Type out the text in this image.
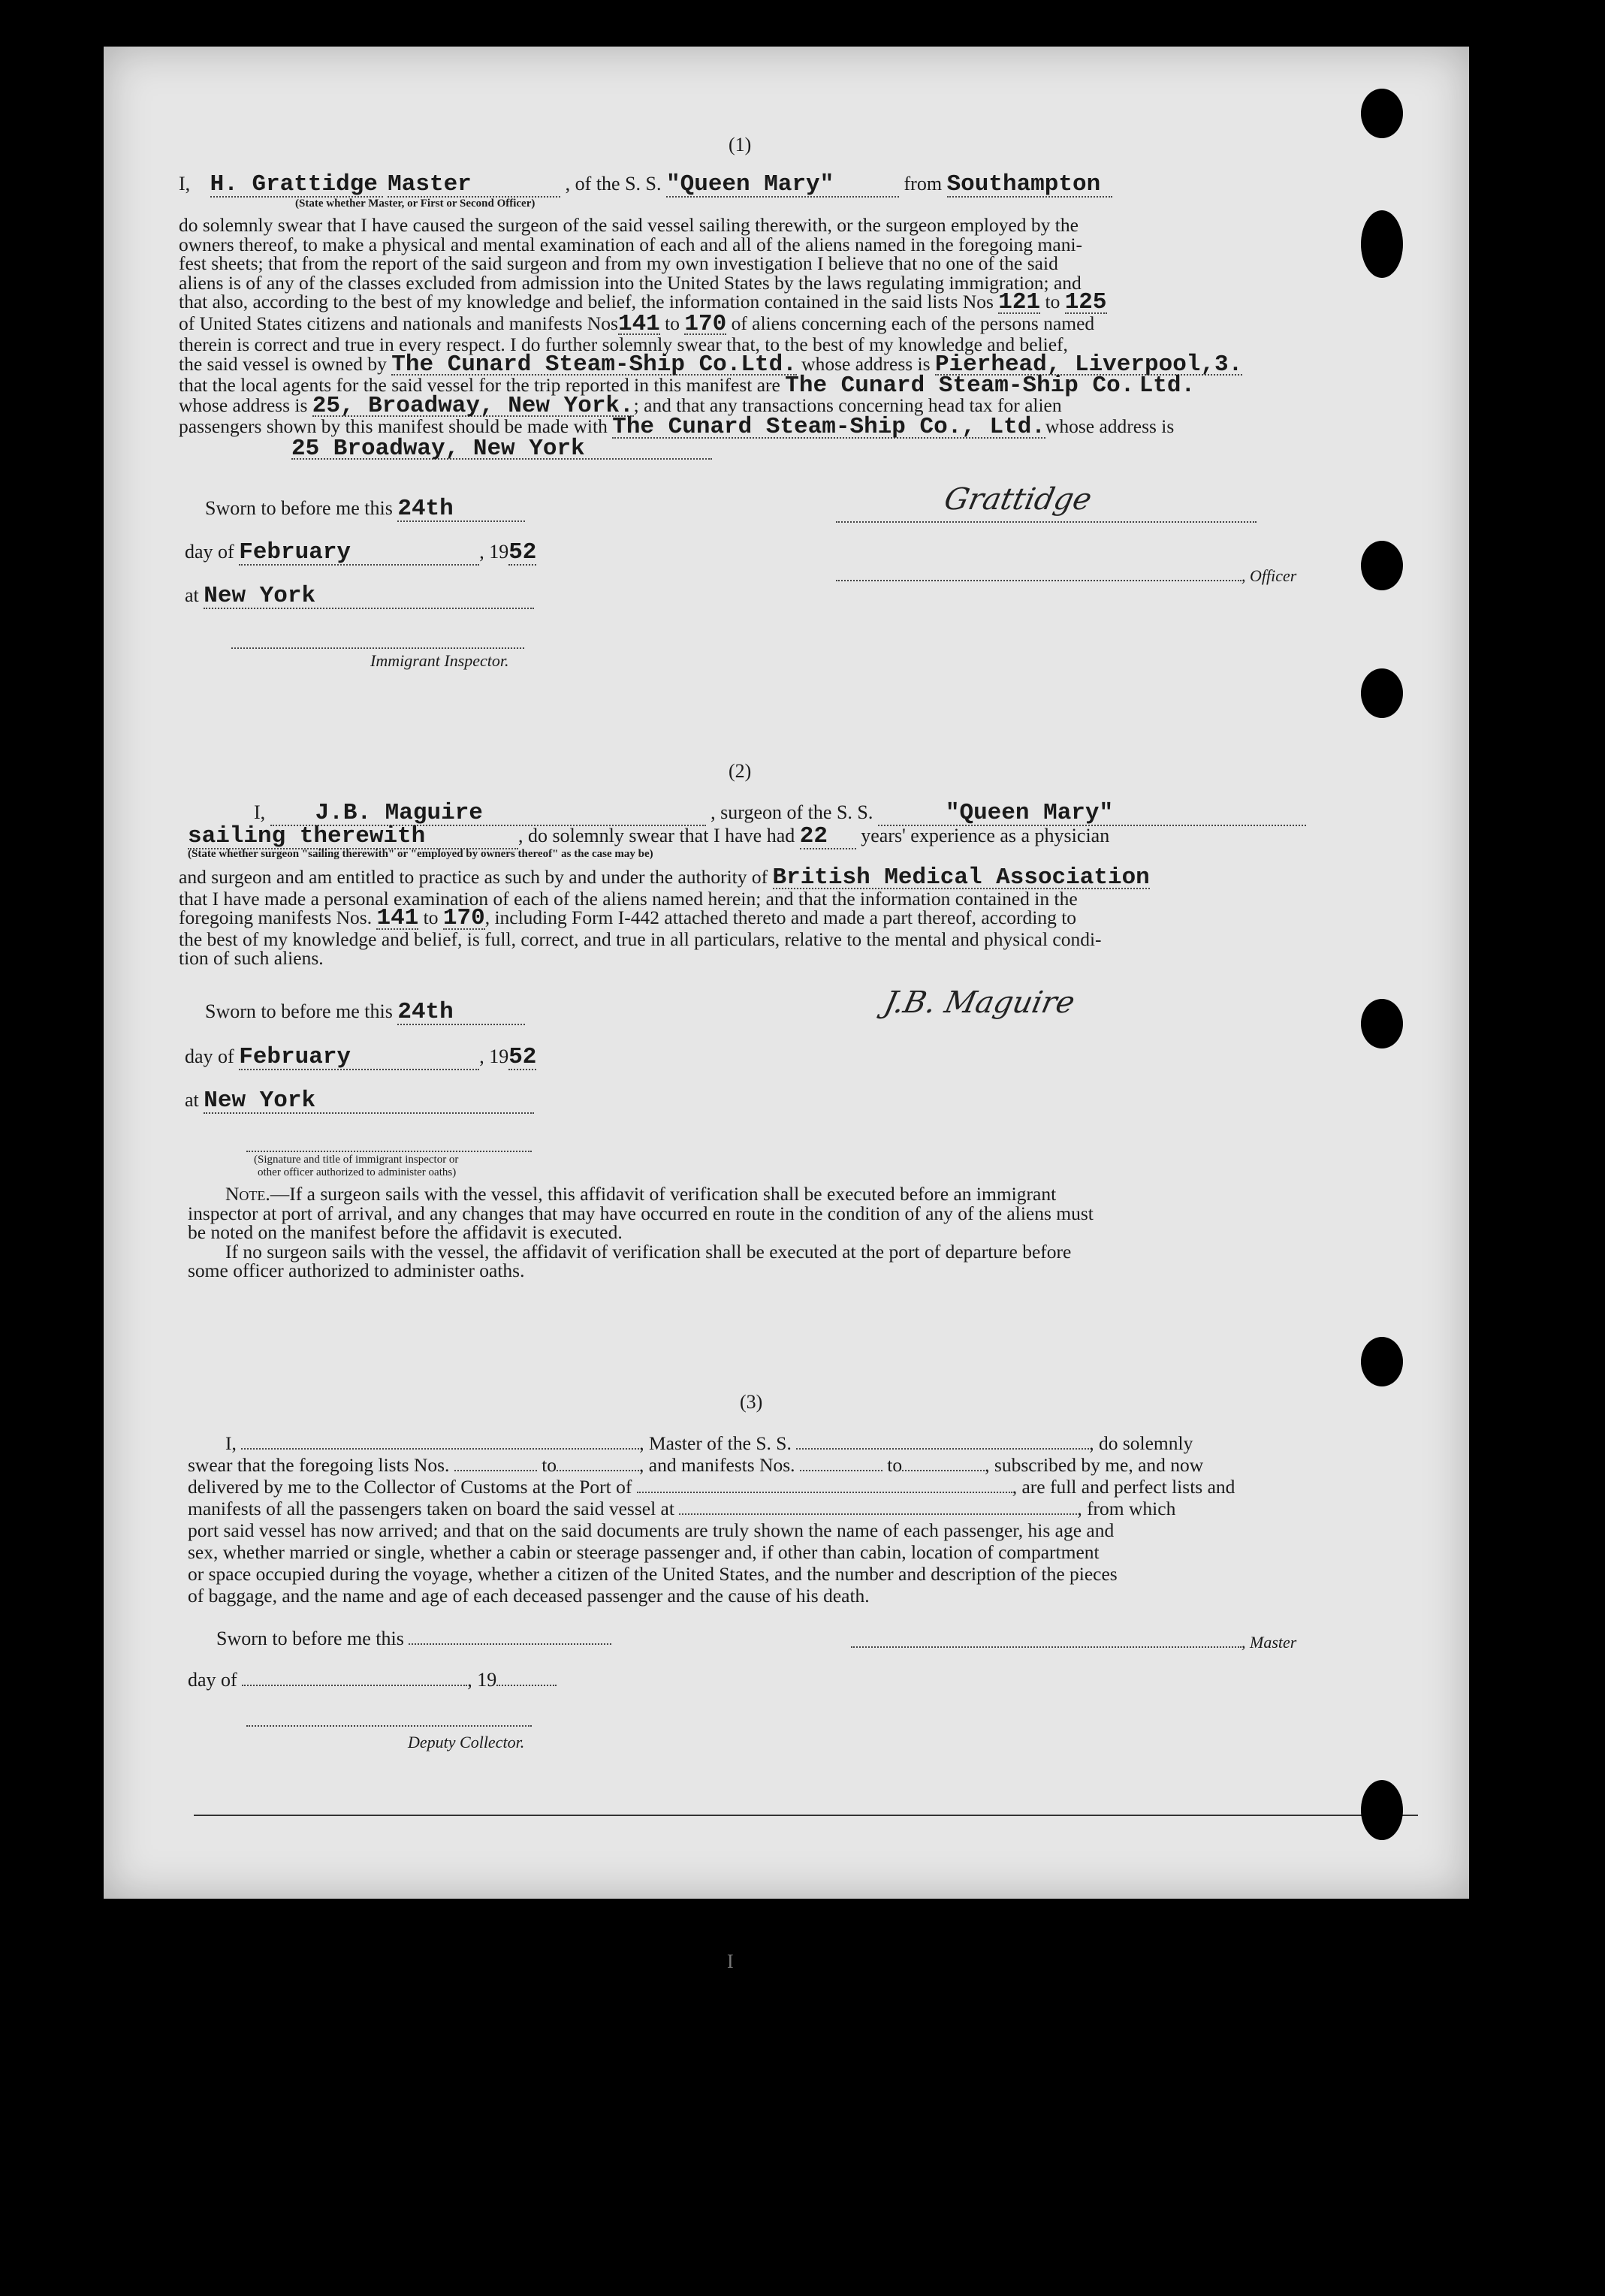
(1)
I, H. Grattidge Master	, of the S. S. "Queen Mary"	from Southampton
(State whether Master, or First or Second Officer)
do solemnly swear that I have caused the surgeon of the said vessel sailing therewith, or the surgeon employed by the
owners thereof, to make a physical and mental examination of each and all of the aliens named in the foregoing mani-
fest sheets; that from the report of the said surgeon and from my own investigation I believe that no one of the said
aliens is of any of the classes excluded from admission into the United States by the laws regulating immigration; and
that also, according to the best of my knowledge and belief, the information contained in the said lists Nos 121 to 125
of United States citizens and nationals and manifests Nos141 to 170 of aliens concerning each of the persons named
therein is correct and true in every respect. I do further solemnly swear that, to the best of my knowledge and belief,
the said vessel is owned by The Cunard Steam-Ship Co.Ltd. whose address is Pierhead, Liverpool,3.
that the local agents for the said vessel for the trip reported in this manifest are The Cunard Steam-Ship Co. Ltd.
whose address is 25, Broadway, New York.; and that any transactions concerning head tax for alien
passengers shown by this manifest should be made with The Cunard Steam-Ship Co., Ltd.whose address is
25 Broadway, New York
Sworn to before me this 24th
day of February	, 1952
at New York
Immigrant Inspector.
Grattidge
, Officer
(2)
I, J.B. Maguire	, surgeon of the S. S.	"Queen Mary"
sailing therewith	, do solemnly swear that I have had 22 years' experience as a physician
(State whether surgeon "sailing therewith" or "employed by owners thereof" as the case may be)
and surgeon and am entitled to practice as such by and under the authority of British Medical Association
that I have made a personal examination of each of the aliens named herein; and that the information contained in the
foregoing manifests Nos. 141 to 170, including Form I-442 attached thereto and made a part thereof, according to
the best of my knowledge and belief, is full, correct, and true in all particulars, relative to the mental and physical condi-
tion of such aliens.
Sworn to before me this 24th
day of February	, 1952
at New York
(Signature and title of immigrant inspector or
other officer authorized to administer oaths)
J.B. Maguire
Note.—If a surgeon sails with the vessel, this affidavit of verification shall be executed before an immigrant
inspector at port of arrival, and any changes that may have occurred en route in the condition of any of the aliens must
be noted on the manifest before the affidavit is executed.
If no surgeon sails with the vessel, the affidavit of verification shall be executed at the port of departure before
some officer authorized to administer oaths.
(3)
I,	, Master of the S. S.	, do solemnly
swear that the foregoing lists Nos.	to	, and manifests Nos.	to	, subscribed by me, and now
delivered by me to the Collector of Customs at the Port of	, are full and perfect lists and
manifests of all the passengers taken on board the said vessel at	, from which
port said vessel has now arrived; and that on the said documents are truly shown the name of each passenger, his age and
sex, whether married or single, whether a cabin or steerage passenger and, if other than cabin, location of compartment
or space occupied during the voyage, whether a citizen of the United States, and the number and description of the pieces
of baggage, and the name and age of each deceased passenger and the cause of his death.
Sworn to before me this	, Master
day of	, 19
Deputy Collector.
I
